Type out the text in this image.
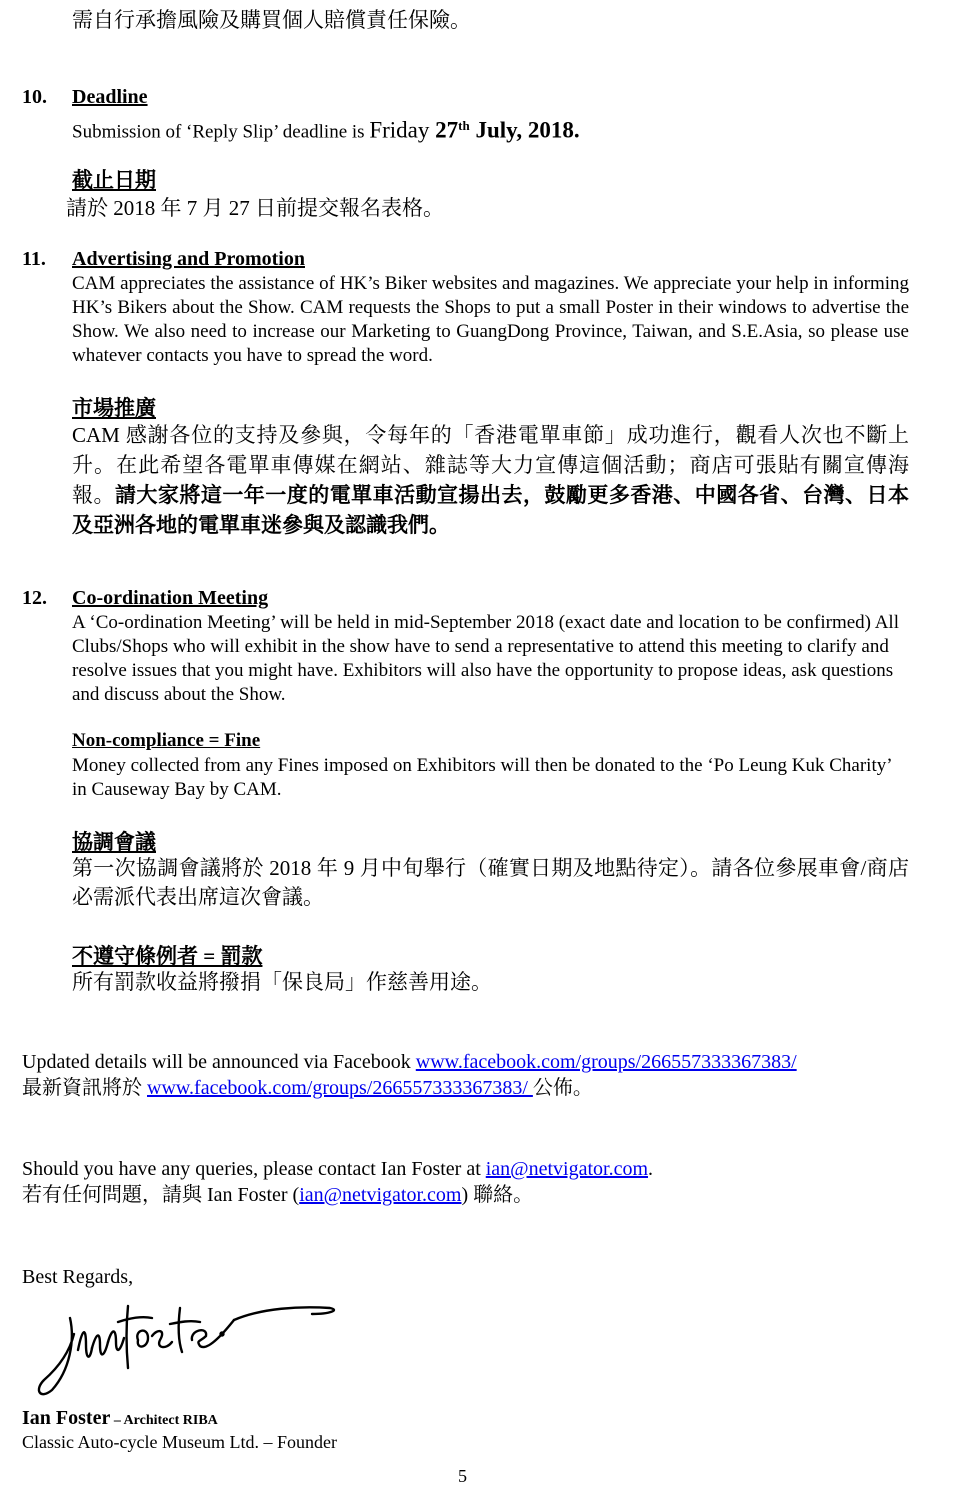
需自行承擔風險及購買個人賠償責任保險。
10. Deadline
Submission of ‘Reply Slip’ deadline is Friday 27th July, 2018.
截止日期
請於 2018 年 7 月 27 日前提交報名表格。
11. Advertising and Promotion
CAM appreciates the assistance of HK’s Biker websites and magazines. We appreciate your help in informing HK’s Bikers about the Show. CAM requests the Shops to put a small Poster in their windows to advertise the Show. We also need to increase our Marketing to GuangDong Province, Taiwan, and S.E.Asia, so please use whatever contacts you have to spread the word.
市場推廣
CAM 感謝各位的支持及參與，令每年的「香港電單車節」成功進行，觀看人次也不斷上升。在此希望各電單車傳媒在網站、雜誌等大力宣傳這個活動；商店可張貼有關宣傳海報。請大家將這一年一度的電單車活動宣揚出去，鼓勵更多香港、中國各省、台灣、日本及亞洲各地的電單車迷參與及認識我們。
12. Co-ordination Meeting
A ‘Co-ordination Meeting’ will be held in mid-September 2018 (exact date and location to be confirmed) All Clubs/Shops who will exhibit in the show have to send a representative to attend this meeting to clarify and resolve issues that you might have. Exhibitors will also have the opportunity to propose ideas, ask questions and discuss about the Show.
Non-compliance = Fine
Money collected from any Fines imposed on Exhibitors will then be donated to the ‘Po Leung Kuk Charity’ in Causeway Bay by CAM.
協調會議
第一次協調會議將於 2018 年 9 月中旬舉行（確實日期及地點待定）。請各位參展車會/商店必需派代表出席這次會議。
不遵守條例者 = 罰款
所有罰款收益將撥捐「保良局」作慈善用途。
Updated details will be announced via Facebook www.facebook.com/groups/266557333367383/
最新資訊將於 www.facebook.com/groups/266557333367383/ 公佈。
Should you have any queries, please contact Ian Foster at ian@netvigator.com.
若有任何問題，請與 Ian Foster (ian@netvigator.com) 聯絡。
Best Regards,
Ian Foster – Architect RIBA
Classic Auto-cycle Museum Ltd. – Founder
5
